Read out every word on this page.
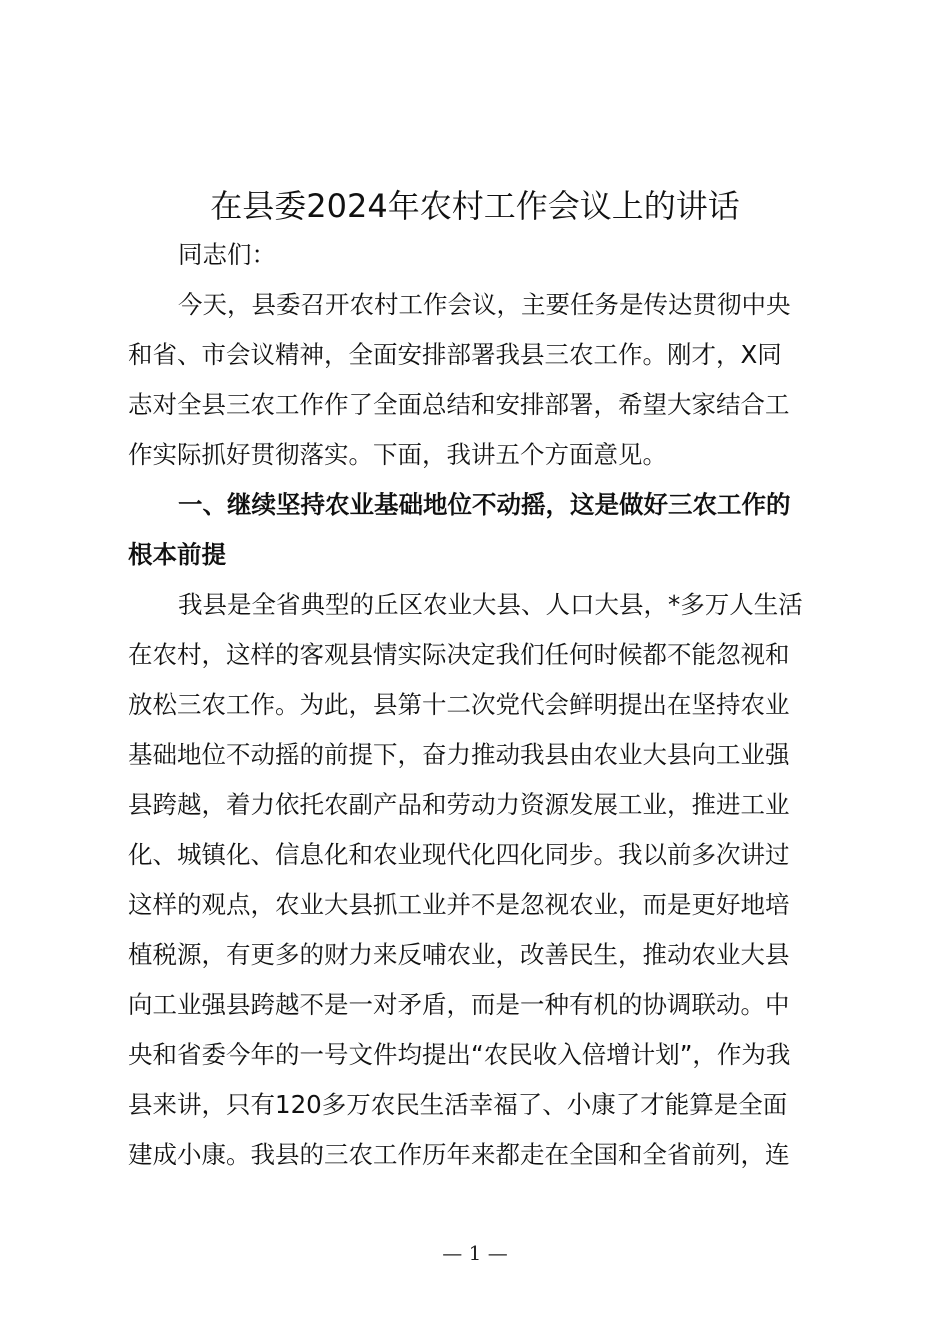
在县委2024年农村工作会议上的讲话
同志们：
今天，县委召开农村工作会议，主要任务是传达贯彻中央
和省、市会议精神，全面安排部署我县三农工作。刚才，X同
志对全县三农工作作了全面总结和安排部署，希望大家结合工
作实际抓好贯彻落实。下面，我讲五个方面意见。
一、继续坚持农业基础地位不动摇，这是做好三农工作的
根本前提
我县是全省典型的丘区农业大县、人口大县，*多万人生活
在农村，这样的客观县情实际决定我们任何时候都不能忽视和
放松三农工作。为此，县第十二次党代会鲜明提出在坚持农业
基础地位不动摇的前提下，奋力推动我县由农业大县向工业强
县跨越，着力依托农副产品和劳动力资源发展工业，推进工业
化、城镇化、信息化和农业现代化四化同步。我以前多次讲过
这样的观点，农业大县抓工业并不是忽视农业，而是更好地培
植税源，有更多的财力来反哺农业，改善民生，推动农业大县
向工业强县跨越不是一对矛盾，而是一种有机的协调联动。中
央和省委今年的一号文件均提出“农民收入倍增计划”，作为我
县来讲，只有120多万农民生活幸福了、小康了才能算是全面
建成小康。我县的三农工作历年来都走在全国和全省前列，连
— 1 —
